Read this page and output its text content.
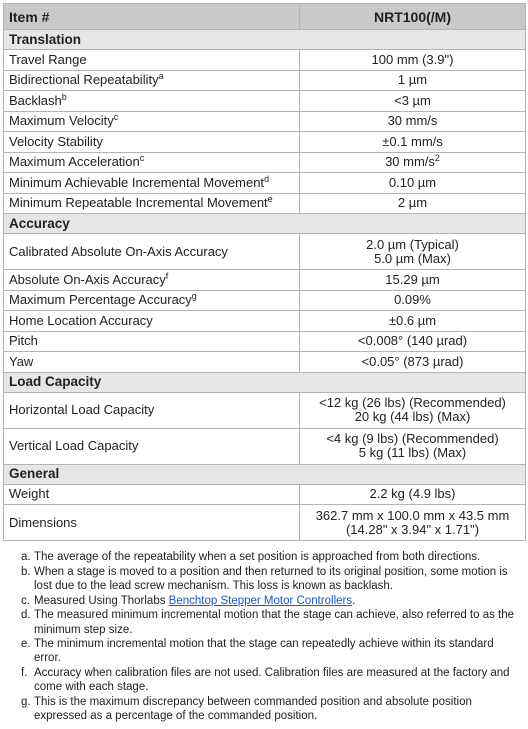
Item #	NRT100(/M)
Translation	
Travel Range	100 mm (3.9")
Bidirectional Repeatability$^a$	1 µm
Backlash$^b$	<3 µm
Maximum Velocity$^c$	30 mm/s
Velocity Stability	±0.1 mm/s
Maximum Acceleration$^c$	30 $mm/s^2$
Minimum Achievable Incremental Movement$^d$	0.10 µm
Minimum Repeatable Incremental Movement$^e$	2 µm
Accuracy	
Calibrated Absolute On-Axis Accuracy	2.0 µm (Typical)
5.0 µm (Max)
Absolute On-Axis Accuracy$^f$	15.29 µm
Maximum Percentage Accuracy$^g$	0.09%
Home Location Accuracy	±0.6 µm
Pitch	<0.008° (140 µrad)
Yaw	<0.05° (873 µrad)
Load Capacity	
Horizontal Load Capacity	<12 kg (26 lbs) (Recommended)
20 kg (44 lbs) (Max)
Vertical Load Capacity	<4 kg (9 lbs) (Recommended)
5 kg (11 lbs) (Max)
General	
Weight	2.2 kg (4.9 lbs)
Dimensions	362.7 mm x 100.0 mm x 43.5 mm
(14.28" x 3.94" x 1.71")
a. The average of the repeatability when a set position is approached from both directions.
b. When a stage is moved to a position and then returned to its original position, some motion is lost due to the lead screw mechanism. This loss is known as backlash.
c. Measured Using Thorlabs Benchtop Stepper Motor Controllers.
d. The measured minimum incremental motion that the stage can achieve, also referred to as the minimum step size.
e. The minimum incremental motion that the stage can repeatedly achieve within its standard error.
f. Accuracy when calibration files are not used. Calibration files are measured at the factory and come with each stage.
g. This is the maximum discrepancy between commanded position and absolute position expressed as a percentage of the commanded position.
